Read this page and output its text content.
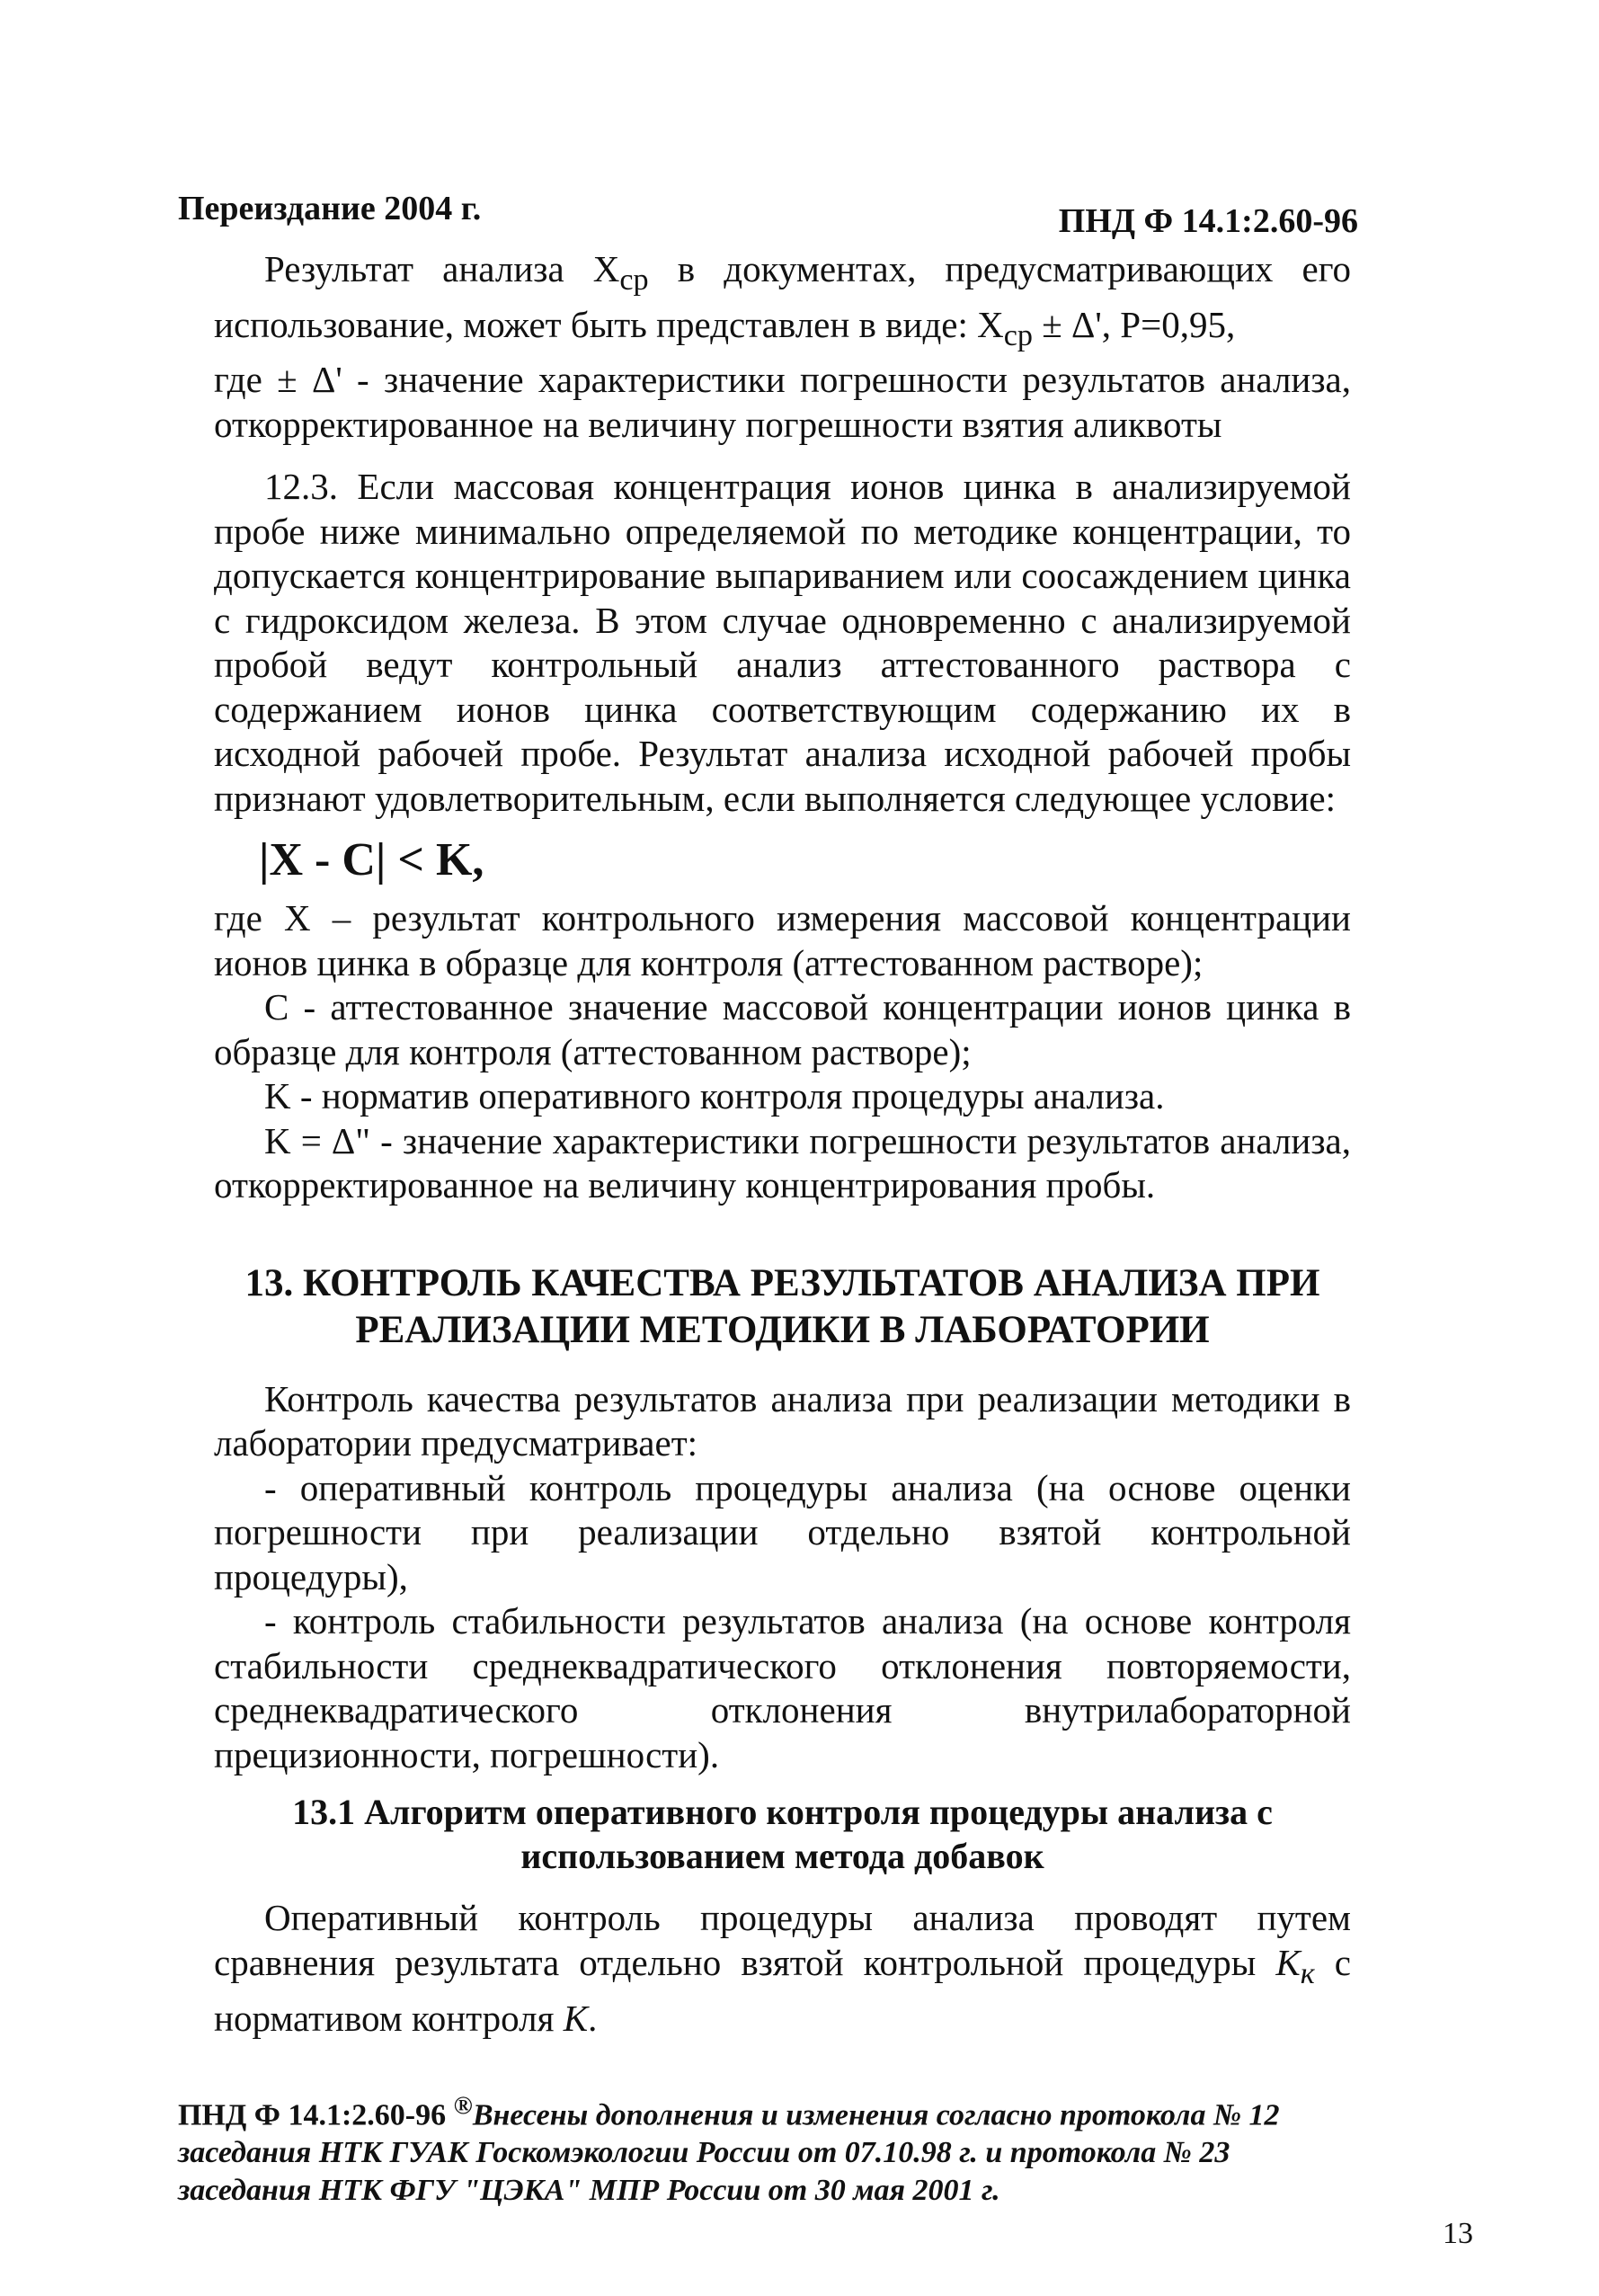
Переиздание 2004 г.	ПНД Ф 14.1:2.60-96

Результат анализа $X_{ср}$ в документах, предусматривающих его использование, может быть представлен в виде: $X_{ср} \pm \Delta'$, P=0,95,

где ± Δ' - значение характеристики погрешности результатов анализа, откорректированное на величину погрешности взятия аликвоты

12.3. Если массовая концентрация ионов цинка в анализируемой пробе ниже минимально определяемой по методике концентрации, то допускается концентрирование выпариванием или соосаждением цинка с гидроксидом железа. В этом случае одновременно с анализируемой пробой ведут контрольный анализ аттестованного раствора с содержанием ионов цинка соответствующим содержанию их в исходной рабочей пробе. Результат анализа исходной рабочей пробы признают удовлетворительным, если выполняется следующее условие:

|X - C| < K,

где X – результат контрольного измерения массовой концентрации ионов цинка в образце для контроля (аттестованном растворе);

C - аттестованное значение массовой концентрации ионов цинка в образце для контроля (аттестованном растворе);

K - норматив оперативного контроля процедуры анализа.

K = Δ" - значение характеристики погрешности результатов анализа, откорректированное на величину концентрирования пробы.

13. КОНТРОЛЬ КАЧЕСТВА РЕЗУЛЬТАТОВ АНАЛИЗА ПРИ РЕАЛИЗАЦИИ МЕТОДИКИ В ЛАБОРАТОРИИ

Контроль качества результатов анализа при реализации методики в лаборатории предусматривает:

- оперативный контроль процедуры анализа (на основе оценки погрешности при реализации отдельно взятой контрольной процедуры),

- контроль стабильности результатов анализа (на основе контроля стабильности среднеквадратического отклонения повторяемости, среднеквадратического отклонения внутрилабораторной прецизионности, погрешности).

13.1 Алгоритм оперативного контроля процедуры анализа с использованием метода добавок

Оперативный контроль процедуры анализа проводят путем сравнения результата отдельно взятой контрольной процедуры $K_к$ с нормативом контроля K.

ПНД Ф 14.1:2.60-96 ®Внесены дополнения и изменения согласно протокола № 12 заседания НТК ГУАК Госкомэкологии России от 07.10.98 г. и протокола № 23 заседания НТК ФГУ "ЦЭКА" МПР России от 30 мая 2001 г.
13
